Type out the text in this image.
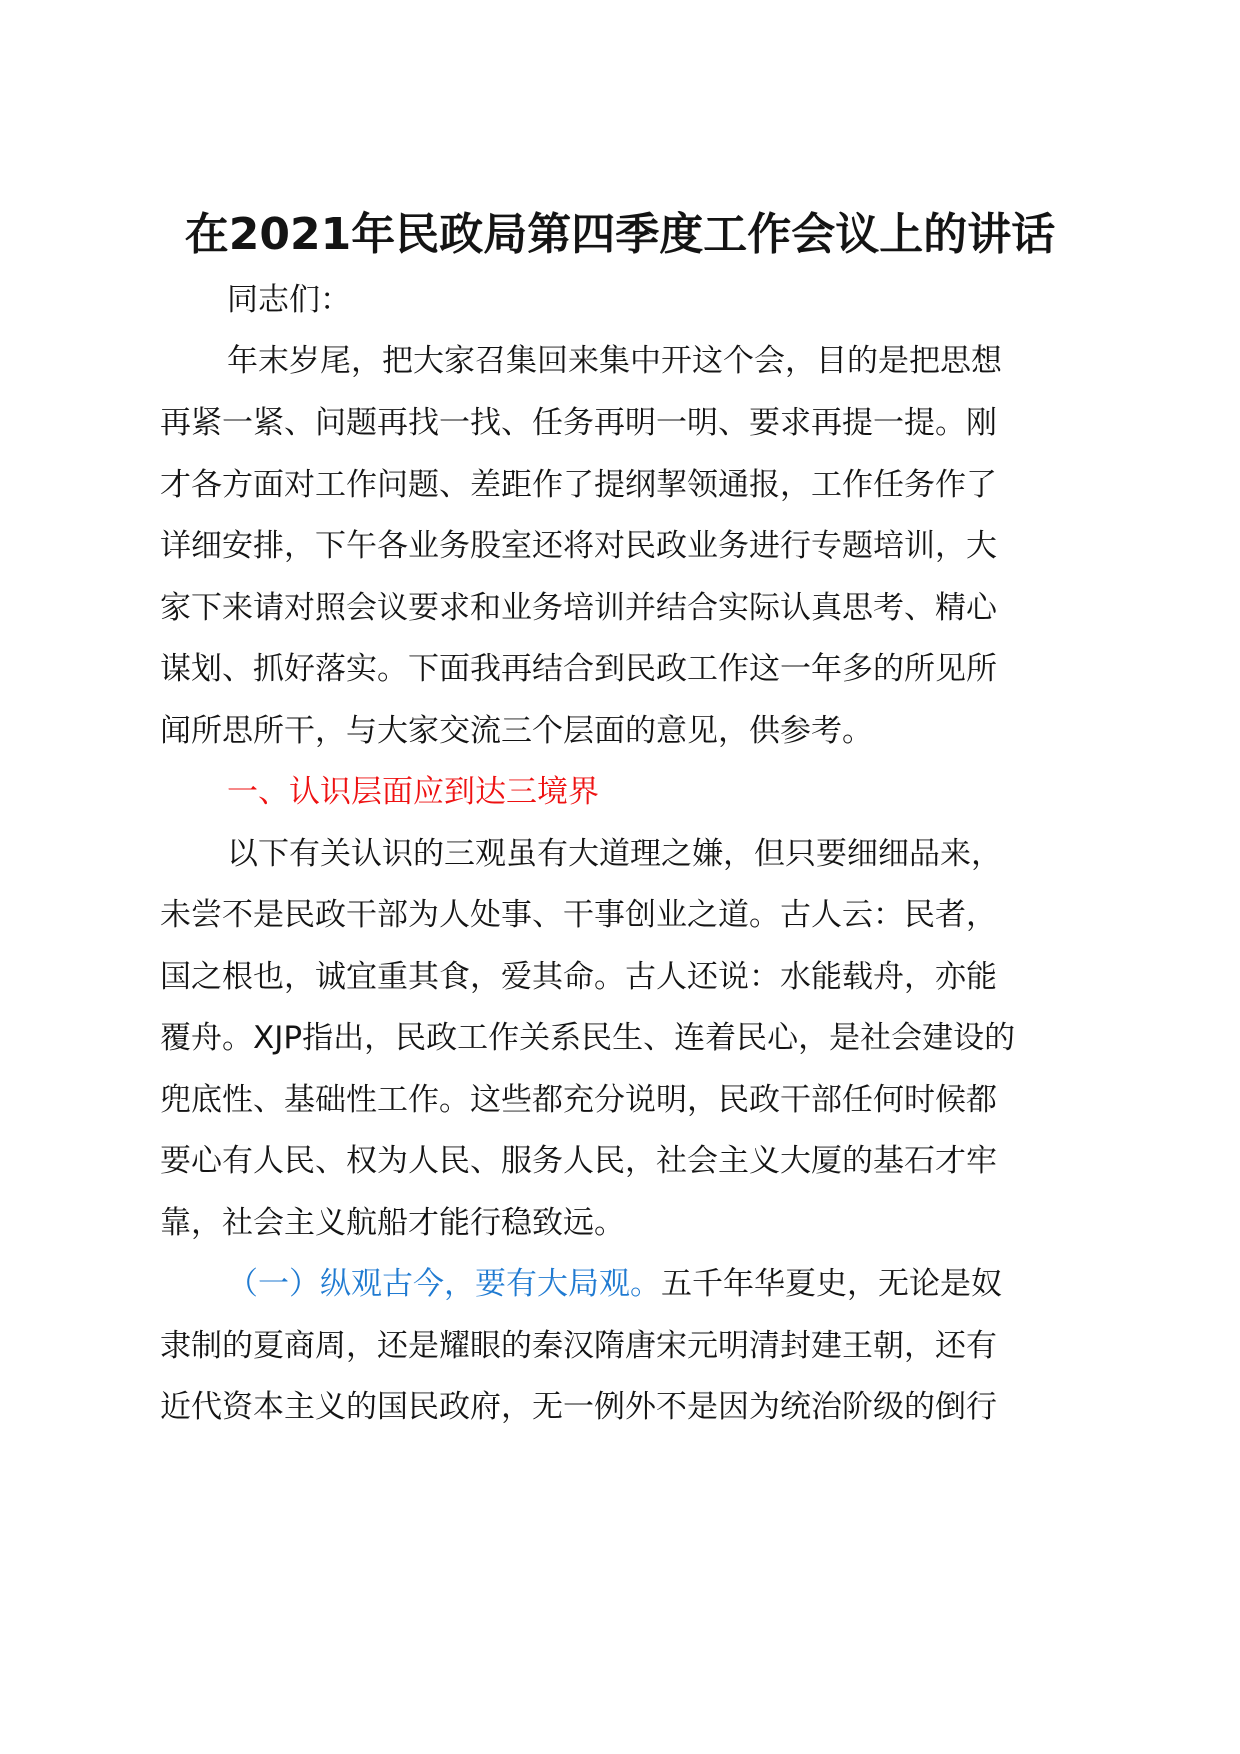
在2021年民政局第四季度工作会议上的讲话

同志们：

年末岁尾，把大家召集回来集中开这个会，目的是把思想

再紧一紧、问题再找一找、任务再明一明、要求再提一提。刚

才各方面对工作问题、差距作了提纲挈领通报，工作任务作了

详细安排，下午各业务股室还将对民政业务进行专题培训，大

家下来请对照会议要求和业务培训并结合实际认真思考、精心

谋划、抓好落实。下面我再结合到民政工作这一年多的所见所

闻所思所干，与大家交流三个层面的意见，供参考。

一、认识层面应到达三境界

以下有关认识的三观虽有大道理之嫌，但只要细细品来，

未尝不是民政干部为人处事、干事创业之道。古人云：民者，

国之根也，诚宜重其食，爱其命。古人还说：水能载舟，亦能

覆舟。XJP指出，民政工作关系民生、连着民心，是社会建设的

兜底性、基础性工作。这些都充分说明，民政干部任何时候都

要心有人民、权为人民、服务人民，社会主义大厦的基石才牢

靠，社会主义航船才能行稳致远。

（一）纵观古今，要有大局观。五千年华夏史，无论是奴

隶制的夏商周，还是耀眼的秦汉隋唐宋元明清封建王朝，还有

近代资本主义的国民政府，无一例外不是因为统治阶级的倒行
